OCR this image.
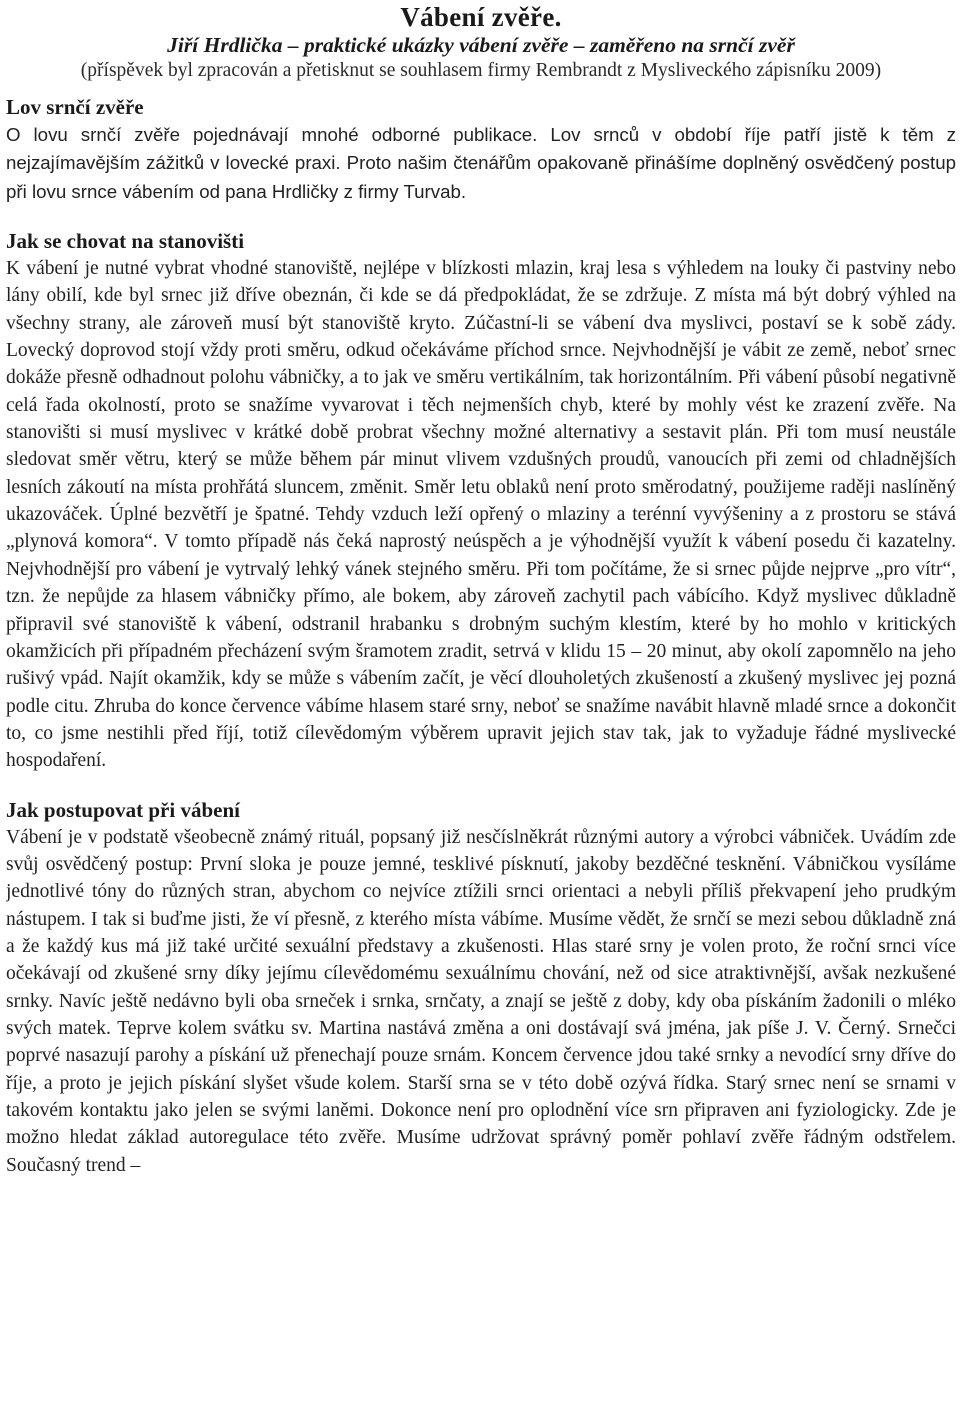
Vábení zvěře.

Jiří Hrdlička – praktické ukázky vábení zvěře – zaměřeno na srnčí zvěř

(příspěvek byl zpracován a přetisknut se souhlasem firmy Rembrandt z Mysliveckého zápisníku 2009)

Lov srnčí zvěře

O lovu srnčí zvěře pojednávají mnohé odborné publikace. Lov srnců v období říje patří jistě k těm z nejzajímavějším zážitků v lovecké praxi. Proto našim čtenářům opakovaně přinášíme doplněný osvědčený postup při lovu srnce vábením od pana Hrdličky z firmy Turvab.

Jak se chovat na stanovišti

K vábení je nutné vybrat vhodné stanoviště, nejlépe v blízkosti mlazin, kraj lesa s výhledem na louky či pastviny nebo lány obilí, kde byl srnec již dříve obeznán, či kde se dá předpokládat, že se zdržuje. Z místa má být dobrý výhled na všechny strany, ale zároveň musí být stanoviště kryto. Zúčastní-li se vábení dva myslivci, postaví se k sobě zády. Lovecký doprovod stojí vždy proti směru, odkud očekáváme příchod srnce. Nejvhodnější je vábit ze země, neboť srnec dokáže přesně odhadnout polohu vábničky, a to jak ve směru vertikálním, tak horizontálním. Při vábení působí negativně celá řada okolností, proto se snažíme vyvarovat i těch nejmenších chyb, které by mohly vést ke zrazení zvěře. Na stanovišti si musí myslivec v krátké době probrat všechny možné alternativy a sestavit plán. Při tom musí neustále sledovat směr větru, který se může během pár minut vlivem vzdušných proudů, vanoucích při zemi od chladnějších lesních zákoutí na místa prohřátá sluncem, změnit. Směr letu oblaků není proto směrodatný, použijeme raději naslíněný ukazováček. Úplné bezvětří je špatné. Tehdy vzduch leží opřený o mlaziny a terénní vyvýšeniny a z prostoru se stává „plynová komora“. V tomto případě nás čeká naprostý neúspěch a je výhodnější využít k vábení posedu či kazatelny. Nejvhodnější pro vábení je vytrvalý lehký vánek stejného směru. Při tom počítáme, že si srnec půjde nejprve „pro vítr“, tzn. že nepůjde za hlasem vábničky přímo, ale bokem, aby zároveň zachytil pach vábícího. Když myslivec důkladně připravil své stanoviště k vábení, odstranil hrabanku s drobným suchým klestím, které by ho mohlo v kritických okamžicích při případném přecházení svým šramotem zradit, setrvá v klidu 15 – 20 minut, aby okolí zapomnělo na jeho rušivý vpád. Najít okamžik, kdy se může s vábením začít, je věcí dlouholetých zkušeností a zkušený myslivec jej pozná podle citu. Zhruba do konce července vábíme hlasem staré srny, neboť se snažíme navábit hlavně mladé srnce a dokončit to, co jsme nestihli před říjí, totiž cílevědomým výběrem upravit jejich stav tak, jak to vyžaduje řádné myslivecké hospodaření.

Jak postupovat při vábení

Vábení je v podstatě všeobecně známý rituál, popsaný již nesčíslněkrát různými autory a výrobci vábniček. Uvádím zde svůj osvědčený postup: První sloka je pouze jemné, tesklivé písknutí, jakoby bezděčné tesknění. Vábničkou vysíláme jednotlivé tóny do různých stran, abychom co nejvíce ztížili srnci orientaci a nebyli příliš překvapení jeho prudkým nástupem. I tak si buďme jisti, že ví přesně, z kterého místa vábíme. Musíme vědět, že srnčí se mezi sebou důkladně zná a že každý kus má již také určité sexuální představy a zkušenosti. Hlas staré srny je volen proto, že roční srnci více očekávají od zkušené srny díky jejímu cílevědomému sexuálnímu chování, než od sice atraktivnější, avšak nezkušené srnky. Navíc ještě nedávno byli oba srneček i srnka, srnčaty, a znají se ještě z doby, kdy oba pískáním žadonili o mléko svých matek. Teprve kolem svátku sv. Martina nastává změna a oni dostávají svá jména, jak píše J. V. Černý. Srnečci poprvé nasazují parohy a pískání už přenechají pouze srnám. Koncem července jdou také srnky a nevodící srny dříve do říje, a proto je jejich pískání slyšet všude kolem. Starší srna se v této době ozývá řídka. Starý srnec není se srnami v takovém kontaktu jako jelen se svými laněmi. Dokonce není pro oplodnění více srn připraven ani fyziologicky. Zde je možno hledat základ autoregulace této zvěře. Musíme udržovat správný poměr pohlaví zvěře řádným odstřelem. Současný trend –
